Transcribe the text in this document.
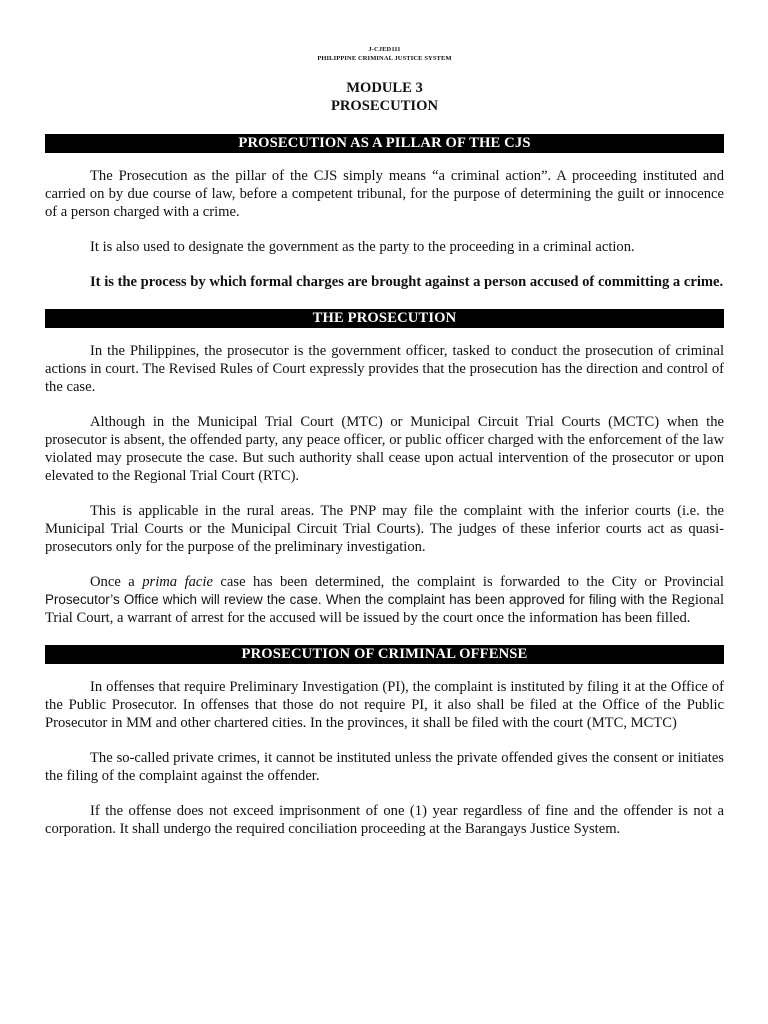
J-CJED111
PHILIPPINE CRIMINAL JUSTICE SYSTEM
MODULE 3
PROSECUTION
PROSECUTION AS A PILLAR OF THE CJS

The Prosecution as the pillar of the CJS simply means “a criminal action”. A proceeding instituted and carried on by due course of law, before a competent tribunal, for the purpose of determining the guilt or innocence of a person charged with a crime.

It is also used to designate the government as the party to the proceeding in a criminal action.

It is the process by which formal charges are brought against a person accused of committing a crime.

THE PROSECUTION

In the Philippines, the prosecutor is the government officer, tasked to conduct the prosecution of criminal actions in court. The Revised Rules of Court expressly provides that the prosecution has the direction and control of the case.

Although in the Municipal Trial Court (MTC) or Municipal Circuit Trial Courts (MCTC) when the prosecutor is absent, the offended party, any peace officer, or public officer charged with the enforcement of the law violated may prosecute the case. But such authority shall cease upon actual intervention of the prosecutor or upon elevated to the Regional Trial Court (RTC).

This is applicable in the rural areas. The PNP may file the complaint with the inferior courts (i.e. the Municipal Trial Courts or the Municipal Circuit Trial Courts). The judges of these inferior courts act as quasi-prosecutors only for the purpose of the preliminary investigation.

Once a prima facie case has been determined, the complaint is forwarded to the City or Provincial Prosecutor’s Office which will review the case. When the complaint has been approved for filing with the Regional Trial Court, a warrant of arrest for the accused will be issued by the court once the information has been filled.

PROSECUTION OF CRIMINAL OFFENSE

In offenses that require Preliminary Investigation (PI), the complaint is instituted by filing it at the Office of the Public Prosecutor. In offenses that those do not require PI, it also shall be filed at the Office of the Public Prosecutor in MM and other chartered cities. In the provinces, it shall be filed with the court (MTC, MCTC)

The so-called private crimes, it cannot be instituted unless the private offended gives the consent or initiates the filing of the complaint against the offender.

If the offense does not exceed imprisonment of one (1) year regardless of fine and the offender is not a corporation. It shall undergo the required conciliation proceeding at the Barangays Justice System.
